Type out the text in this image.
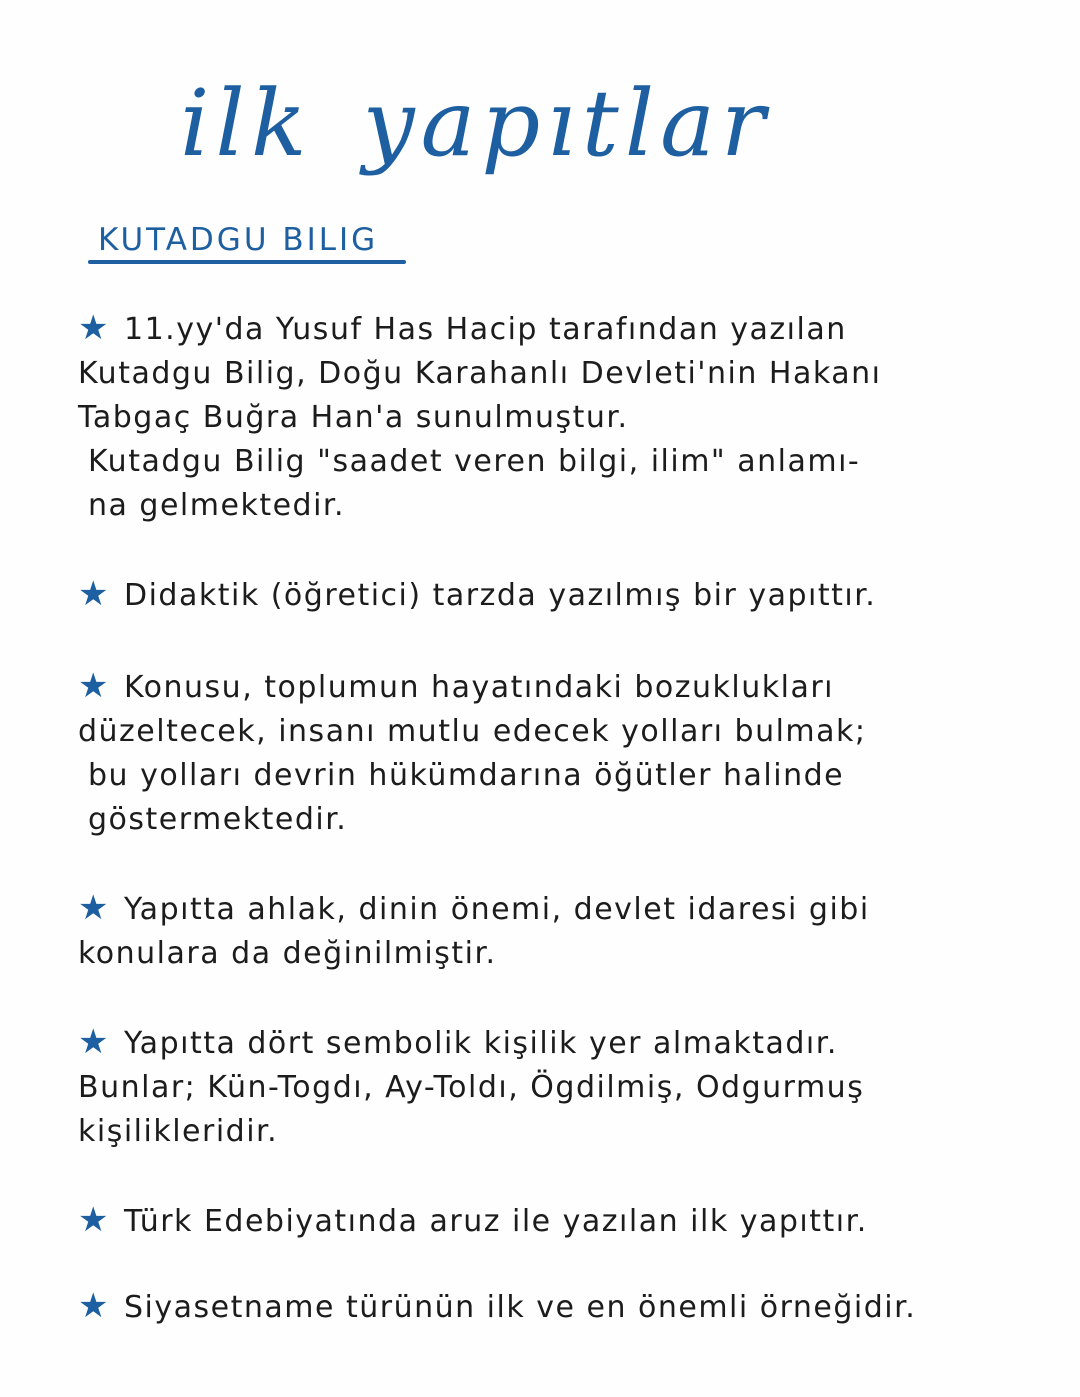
ilk yapıtlar
KUTADGU BILIG
★ 11.yy'da Yusuf Has Hacip tarafından yazılan
Kutadgu Bilig, Doğu Karahanlı Devleti'nin Hakanı
Tabgaç Buğra Han'a sunulmuştur.
Kutadgu Bilig "saadet veren bilgi, ilim" anlamı-
na gelmektedir.
★ Didaktik (öğretici) tarzda yazılmış bir yapıttır.
★ Konusu, toplumun hayatındaki bozuklukları
düzeltecek, insanı mutlu edecek yolları bulmak;
bu yolları devrin hükümdarına öğütler halinde
göstermektedir.
★ Yapıtta ahlak, dinin önemi, devlet idaresi gibi
konulara da değinilmiştir.
★ Yapıtta dört sembolik kişilik yer almaktadır.
Bunlar; Kün-Togdı, Ay-Toldı, Ögdilmiş, Odgurmuş
kişilikleridir.
★ Türk Edebiyatında aruz ile yazılan ilk yapıttır.
★ Siyasetname türünün ilk ve en önemli örneğidir.
